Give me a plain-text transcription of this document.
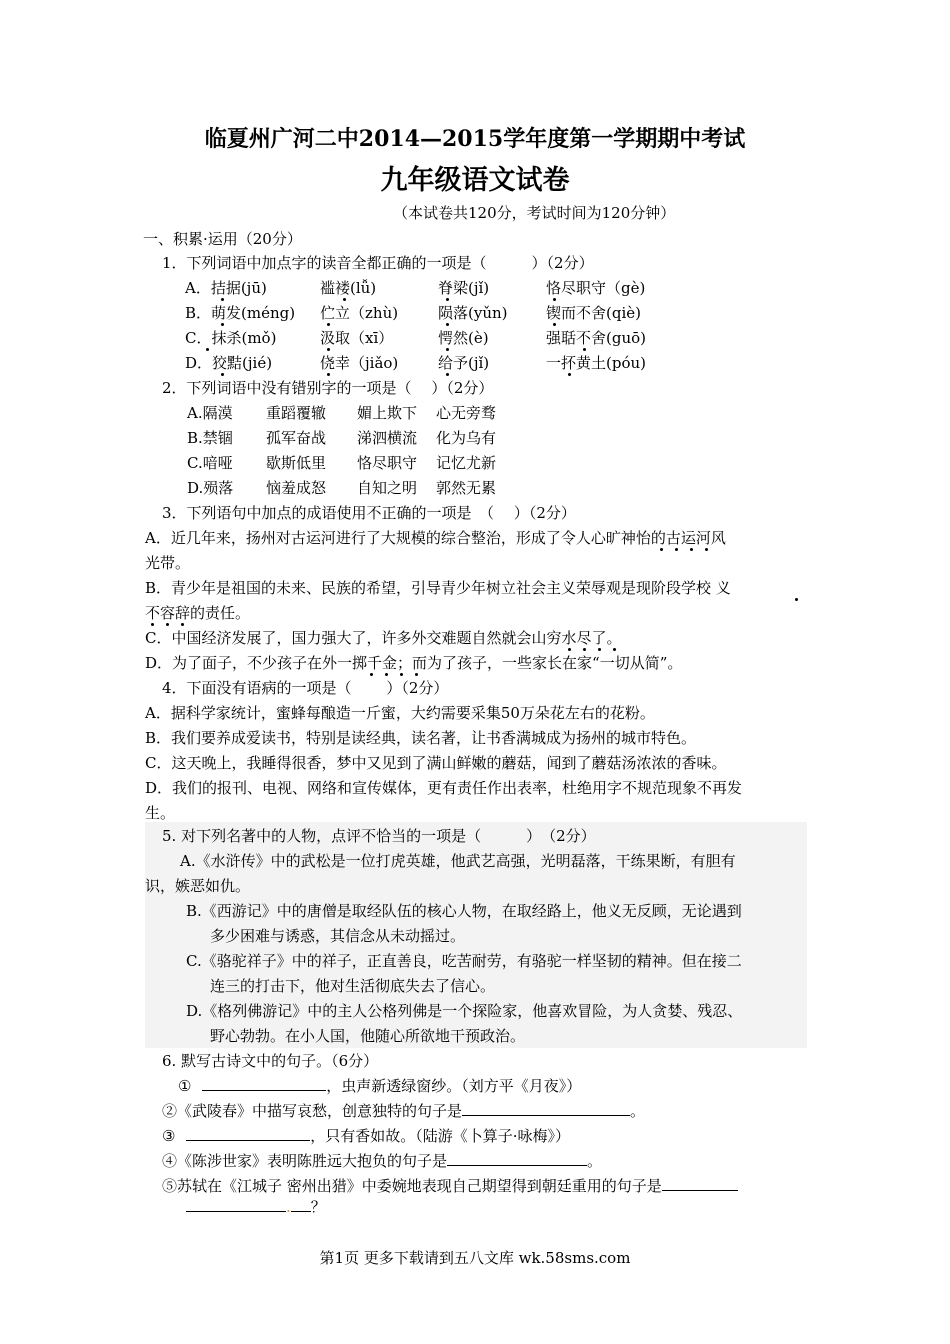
临夏州广河二中2014—2015学年度第一学期期中考试
九年级语文试卷
（本试卷共120分，考试时间为120分钟）
一、积累·运用（20分）
1．下列词语中加点字的读音全都正确的一项是（　　　）（2分）
A．拮据(jū)	褴褛(lǚ)	脊梁(jǐ)	恪尽职守（gè)
B．萌发(méng) 伫立（zhù)	陨落(yǔn)	锲而不舍(qiè)
C．抹杀(mǒ)	汲取（xī）	愕然(è)	强聒不舍(guō)
D．狡黠(jié)	侥幸（jiǎo)	给予(jǐ)	一抔黄土(póu)
2．下列词语中没有错别字的一项是（　 ）（2分）
A.隔漠 重蹈覆辙 媚上欺下 心无旁骛
B.禁锢 孤军奋战 涕泗横流 化为乌有
C.喑哑 歇斯低里 恪尽职守 记忆尤新
D.殒落 恼羞成怒 自知之明 郭然无累
3．下列语句中加点的成语使用不正确的一项是　（　 ）（2分）
A．近几年来，扬州对古运河进行了大规模的综合整治，形成了令人心旷神怡的古运河风
光带。
B．青少年是祖国的未来、民族的希望，引导青少年树立社会主义荣辱观是现阶段学校 义
不容辞的责任。
C．中国经济发展了，国力强大了，许多外交难题自然就会山穷水尽了。
D．为了面子，不少孩子在外一掷千金；而为了孩子，一些家长在家“一切从简”。
4．下面没有语病的一项是（　　 ）（2分）
A．据科学家统计，蜜蜂每酿造一斤蜜，大约需要采集50万朵花左右的花粉。
B．我们要养成爱读书，特别是读经典，读名著，让书香满城成为扬州的城市特色。
C．这天晚上，我睡得很香，梦中又见到了满山鲜嫩的蘑菇，闻到了蘑菇汤浓浓的香味。
D．我们的报刊、电视、网络和宣传媒体，更有责任作出表率，杜绝用字不规范现象不再发
生。
5. 对下列名著中的人物，点评不恰当的一项是（　　　）　（2分）
A.《水浒传》中的武松是一位打虎英雄，他武艺高强，光明磊落，干练果断，有胆有
识，嫉恶如仇。
B.《西游记》中的唐僧是取经队伍的核心人物，在取经路上，他义无反顾，无论遇到
多少困难与诱惑，其信念从未动摇过。
C.《骆驼祥子》中的祥子，正直善良，吃苦耐劳，有骆驼一样坚韧的精神。但在接二
连三的打击下，他对生活彻底失去了信心。
D.《格列佛游记》中的主人公格列佛是一个探险家，他喜欢冒险，为人贪婪、残忍、
野心勃勃。在小人国，他随心所欲地干预政治。
6. 默写古诗文中的句子。（6分）
①	，虫声新透绿窗纱。（刘方平《月夜》）
②《武陵春》中描写哀愁，创意独特的句子是	。
③	，只有香如故。（陆游《卜算子·咏梅》）
④《陈涉世家》表明陈胜远大抱负的句子是	。
⑤苏轼在《江城子 密州出猎》中委婉地表现自己期望得到朝廷重用的句子是
. ？
第1页 更多下载请到五八文库 wk.58sms.com
